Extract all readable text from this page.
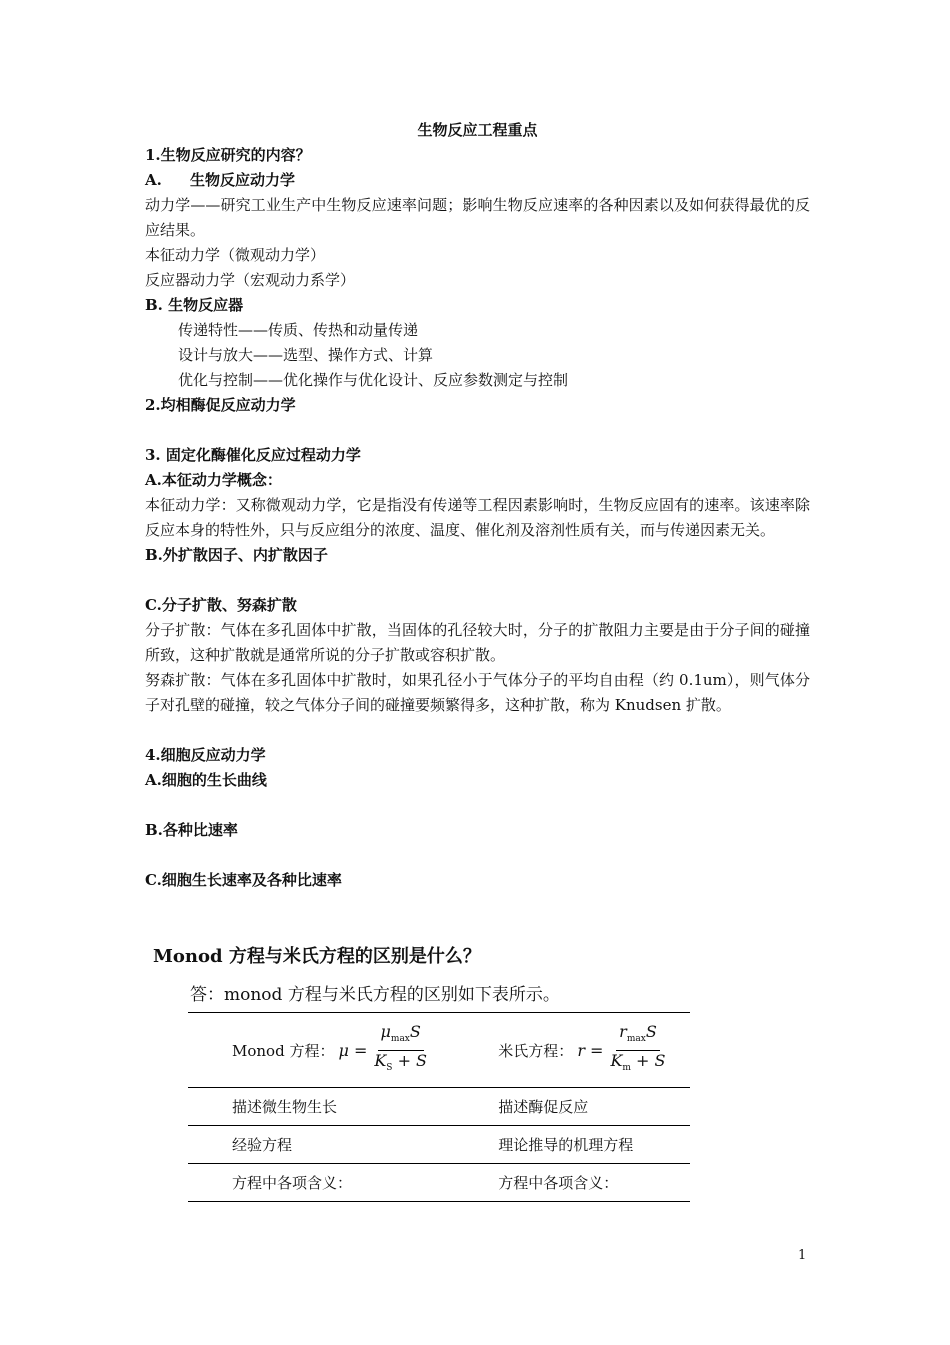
生物反应工程重点
1.生物反应研究的内容？
A. 生物反应动力学
动力学——研究工业生产中生物反应速率问题；影响生物反应速率的各种因素以及如何获得最优的反应结果。
本征动力学（微观动力学）
反应器动力学（宏观动力系学）
B. 生物反应器
传递特性——传质、传热和动量传递
设计与放大——选型、操作方式、计算
优化与控制——优化操作与优化设计、反应参数测定与控制
2.均相酶促反应动力学
3. 固定化酶催化反应过程动力学
A.本征动力学概念：
本征动力学：又称微观动力学，它是指没有传递等工程因素影响时，生物反应固有的速率。该速率除反应本身的特性外，只与反应组分的浓度、温度、催化剂及溶剂性质有关，而与传递因素无关。
B.外扩散因子、内扩散因子
C.分子扩散、努森扩散
分子扩散：气体在多孔固体中扩散，当固体的孔径较大时，分子的扩散阻力主要是由于分子间的碰撞所致，这种扩散就是通常所说的分子扩散或容积扩散。
努森扩散：气体在多孔固体中扩散时，如果孔径小于气体分子的平均自由程（约 0.1um），则气体分子对孔壁的碰撞，较之气体分子间的碰撞要频繁得多，这种扩散，称为 Knudsen 扩散。
4.细胞反应动力学
A.细胞的生长曲线
B.各种比速率
C.细胞生长速率及各种比速率
Monod 方程与米氏方程的区别是什么？
答：monod 方程与米氏方程的区别如下表所示。
Monod 方程： $\mu = \frac{\mu_{max}S}{K_S + S}$	米氏方程： $r = \frac{r_{max}S}{K_m + S}$

描述微生物生长	描述酶促反应
经验方程	理论推导的机理方程
方程中各项含义：	方程中各项含义：
1
